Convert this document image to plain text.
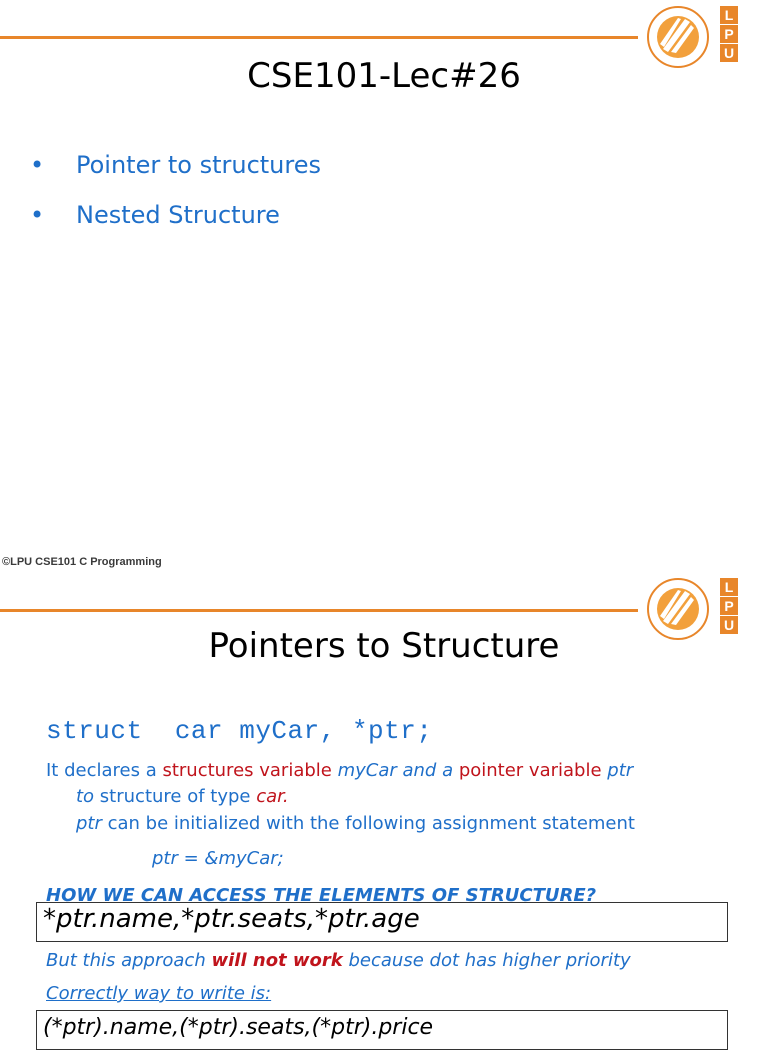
L
P
U
CSE101-Lec#26
• Pointer to structures
• Nested Structure
©LPU CSE101 C Programming
L
P
U
Pointers to Structure
struct  car myCar, *ptr;
It declares a structures variable myCar and a pointer variable ptr
to structure of type car.
ptr can be initialized with the following assignment statement
ptr = &myCar;
HOW WE CAN ACCESS THE ELEMENTS OF STRUCTURE?
*ptr.name,*ptr.seats,*ptr.age
But this approach will not work because dot has higher priority
Correctly way to write is:
(*ptr).name,(*ptr).seats,(*ptr).price
